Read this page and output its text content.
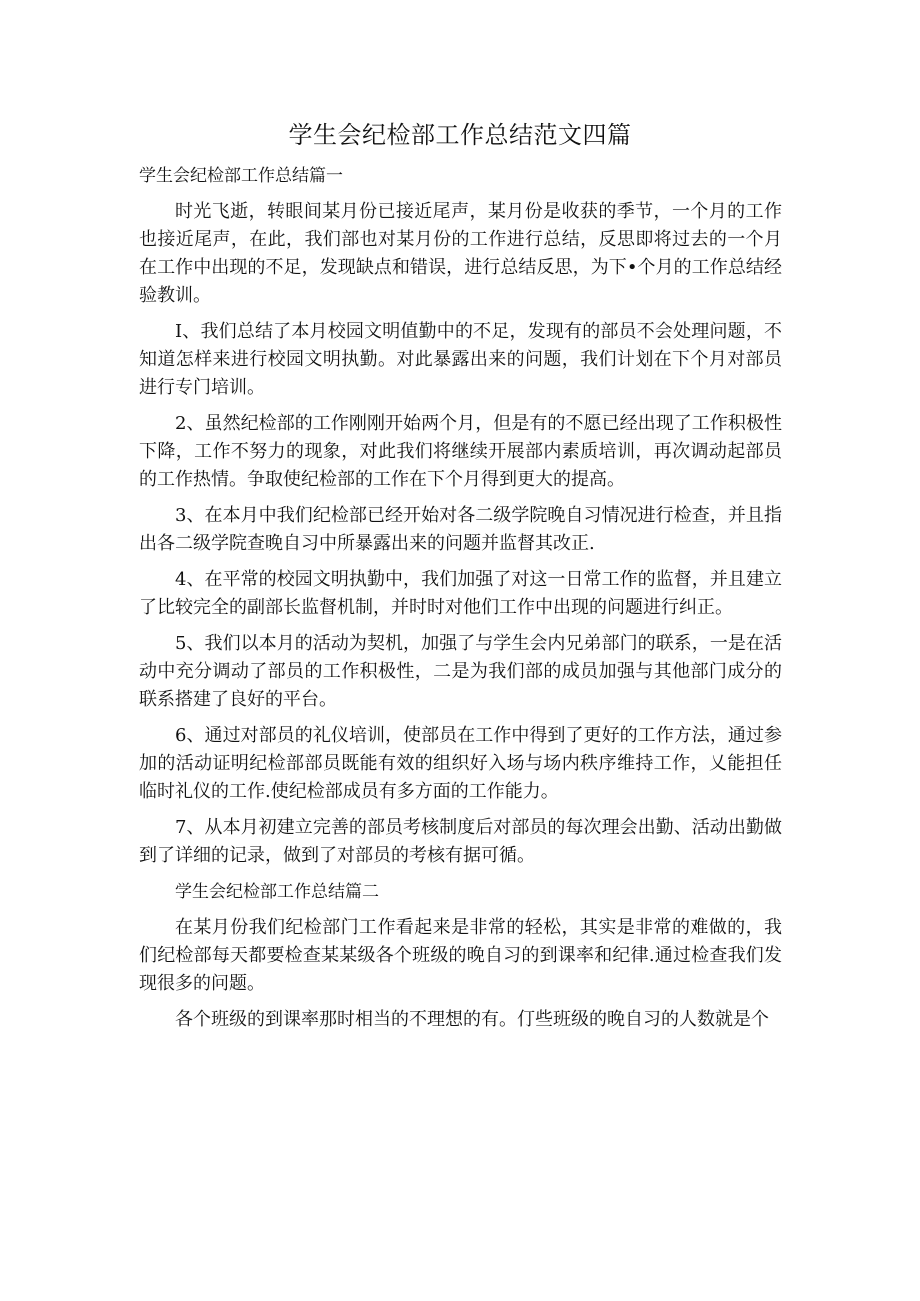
学生会纪检部工作总结范文四篇

学生会纪检部工作总结篇一

时光飞逝，转眼间某月份已接近尾声，某月份是收获的季节，一个月的工作也接近尾声，在此，我们部也对某月份的工作进行总结，反思即将过去的一个月在工作中出现的不足，发现缺点和错误，进行总结反思，为下•个月的工作总结经验教训。

I、我们总结了本月校园文明值勤中的不足，发现有的部员不会处理问题，不知道怎样来进行校园文明执勤。对此暴露出来的问题，我们计划在下个月对部员进行专门培训。

2、虽然纪检部的工作刚刚开始两个月，但是有的不愿已经出现了工作积极性下降，工作不努力的现象，对此我们将继续开展部内素质培训，再次调动起部员的工作热情。争取使纪检部的工作在下个月得到更大的提高。

3、在本月中我们纪检部已经开始对各二级学院晚自习情况进行检查，并且指出各二级学院查晚自习中所暴露出来的问题并监督其改正.

4、在平常的校园文明执勤中，我们加强了对这一日常工作的监督，并且建立了比较完全的副部长监督机制，并时时对他们工作中出现的问题进行纠正。

5、我们以本月的活动为契机，加强了与学生会内兄弟部门的联系，一是在活动中充分调动了部员的工作积极性，二是为我们部的成员加强与其他部门成分的联系搭建了良好的平台。

6、通过对部员的礼仪培训，使部员在工作中得到了更好的工作方法，通过参加的活动证明纪检部部员既能有效的组织好入场与场内秩序维持工作，乂能担任临时礼仪的工作.使纪检部成员有多方面的工作能力。

7、从本月初建立完善的部员考核制度后对部员的每次理会出勤、活动出勤做到了详细的记录，做到了对部员的考核有据可循。

学生会纪检部工作总结篇二

在某月份我们纪检部门工作看起来是非常的轻松，其实是非常的难做的，我们纪检部每天都要检查某某级各个班级的晚自习的到课率和纪律.通过检查我们发现很多的问题。

各个班级的到课率那时相当的不理想的有。仃些班级的晚自习的人数就是个
